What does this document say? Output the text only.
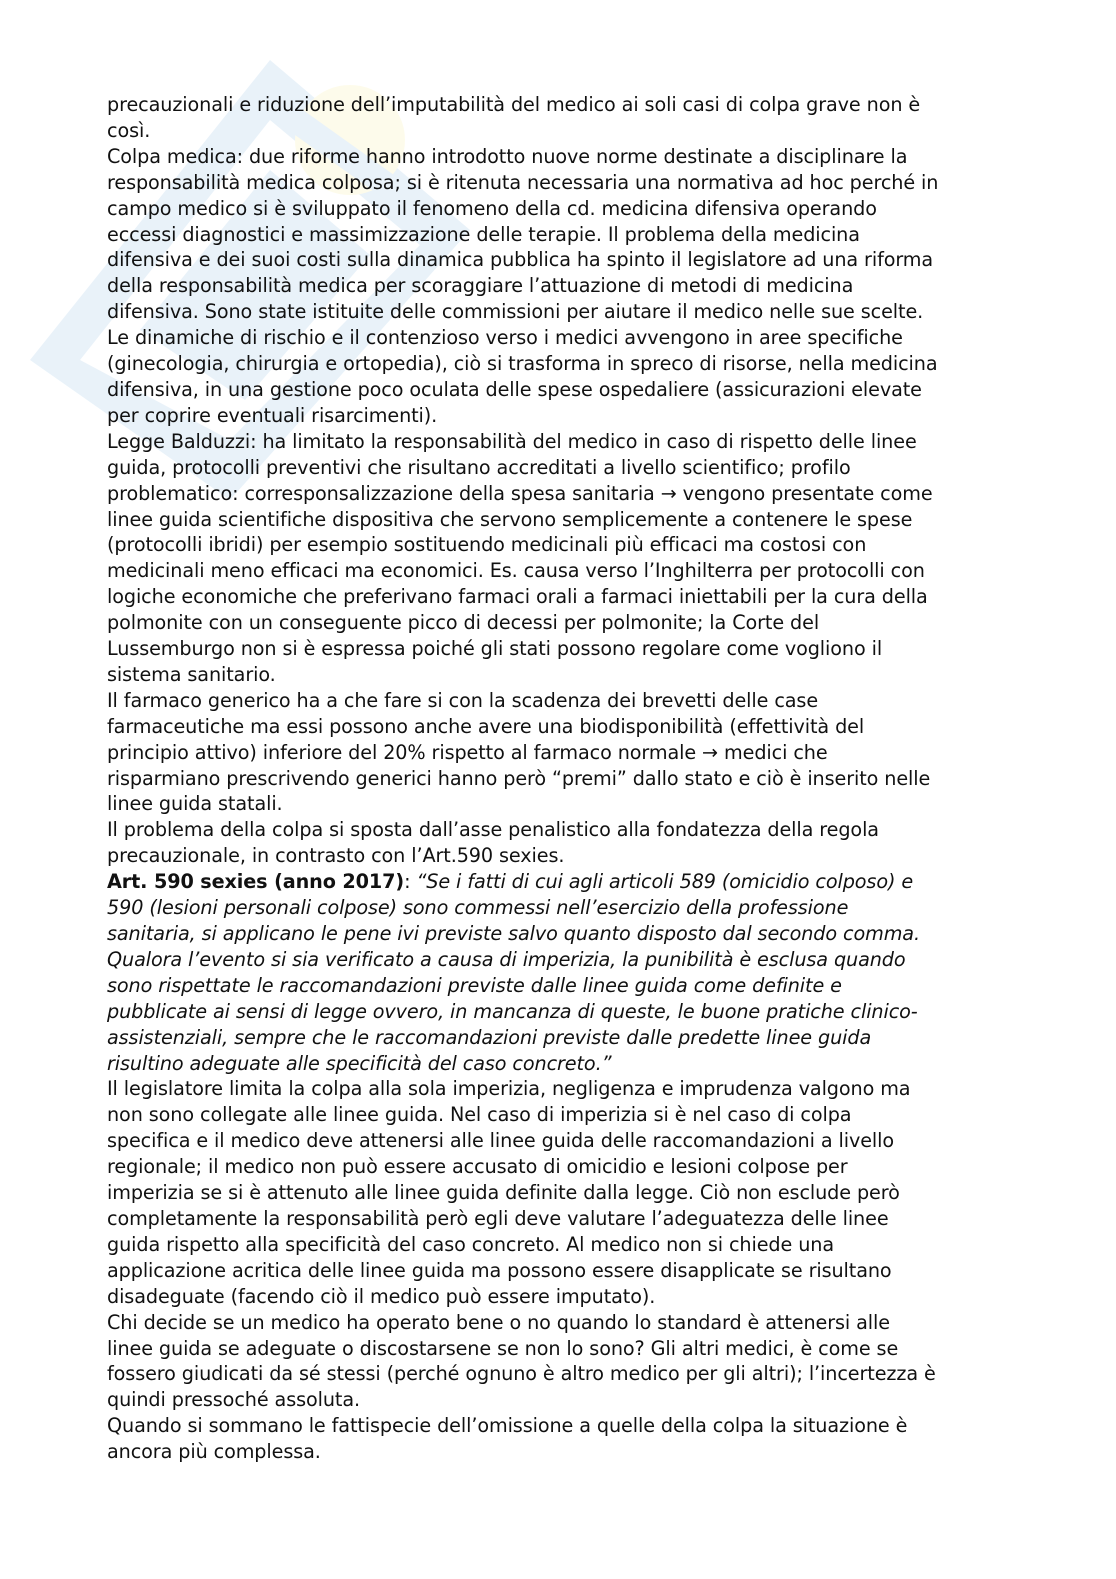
precauzionali e riduzione dell’imputabilità del medico ai soli casi di colpa grave non è
così.

Colpa medica: due riforme hanno introdotto nuove norme destinate a disciplinare la
responsabilità medica colposa; si è ritenuta necessaria una normativa ad hoc perché in
campo medico si è sviluppato il fenomeno della cd. medicina difensiva operando
eccessi diagnostici e massimizzazione delle terapie. Il problema della medicina
difensiva e dei suoi costi sulla dinamica pubblica ha spinto il legislatore ad una riforma
della responsabilità medica per scoraggiare l’attuazione di metodi di medicina
difensiva. Sono state istituite delle commissioni per aiutare il medico nelle sue scelte.

Le dinamiche di rischio e il contenzioso verso i medici avvengono in aree specifiche
(ginecologia, chirurgia e ortopedia), ciò si trasforma in spreco di risorse, nella medicina
difensiva, in una gestione poco oculata delle spese ospedaliere (assicurazioni elevate
per coprire eventuali risarcimenti).

Legge Balduzzi: ha limitato la responsabilità del medico in caso di rispetto delle linee
guida, protocolli preventivi che risultano accreditati a livello scientifico; profilo
problematico: corresponsalizzazione della spesa sanitaria → vengono presentate come
linee guida scientifiche dispositiva che servono semplicemente a contenere le spese
(protocolli ibridi) per esempio sostituendo medicinali più efficaci ma costosi con
medicinali meno efficaci ma economici. Es. causa verso l’Inghilterra per protocolli con
logiche economiche che preferivano farmaci orali a farmaci iniettabili per la cura della
polmonite con un conseguente picco di decessi per polmonite; la Corte del
Lussemburgo non si è espressa poiché gli stati possono regolare come vogliono il
sistema sanitario.

Il farmaco generico ha a che fare si con la scadenza dei brevetti delle case
farmaceutiche ma essi possono anche avere una biodisponibilità (effettività del
principio attivo) inferiore del 20% rispetto al farmaco normale → medici che
risparmiano prescrivendo generici hanno però “premi” dallo stato e ciò è inserito nelle
linee guida statali.

Il problema della colpa si sposta dall’asse penalistico alla fondatezza della regola
precauzionale, in contrasto con l’Art.590 sexies.

Art. 590 sexies (anno 2017): “Se i fatti di cui agli articoli 589 (omicidio colposo) e
590 (lesioni personali colpose) sono commessi nell’esercizio della professione
sanitaria, si applicano le pene ivi previste salvo quanto disposto dal secondo comma.
Qualora l’evento si sia verificato a causa di imperizia, la punibilità è esclusa quando
sono rispettate le raccomandazioni previste dalle linee guida come definite e
pubblicate ai sensi di legge ovvero, in mancanza di queste, le buone pratiche clinico-
assistenziali, sempre che le raccomandazioni previste dalle predette linee guida
risultino adeguate alle specificità del caso concreto.”

Il legislatore limita la colpa alla sola imperizia, negligenza e imprudenza valgono ma
non sono collegate alle linee guida. Nel caso di imperizia si è nel caso di colpa
specifica e il medico deve attenersi alle linee guida delle raccomandazioni a livello
regionale; il medico non può essere accusato di omicidio e lesioni colpose per
imperizia se si è attenuto alle linee guida definite dalla legge. Ciò non esclude però
completamente la responsabilità però egli deve valutare l’adeguatezza delle linee
guida rispetto alla specificità del caso concreto. Al medico non si chiede una
applicazione acritica delle linee guida ma possono essere disapplicate se risultano
disadeguate (facendo ciò il medico può essere imputato).

Chi decide se un medico ha operato bene o no quando lo standard è attenersi alle
linee guida se adeguate o discostarsene se non lo sono? Gli altri medici, è come se
fossero giudicati da sé stessi (perché ognuno è altro medico per gli altri); l’incertezza è
quindi pressoché assoluta.

Quando si sommano le fattispecie dell’omissione a quelle della colpa la situazione è
ancora più complessa.
